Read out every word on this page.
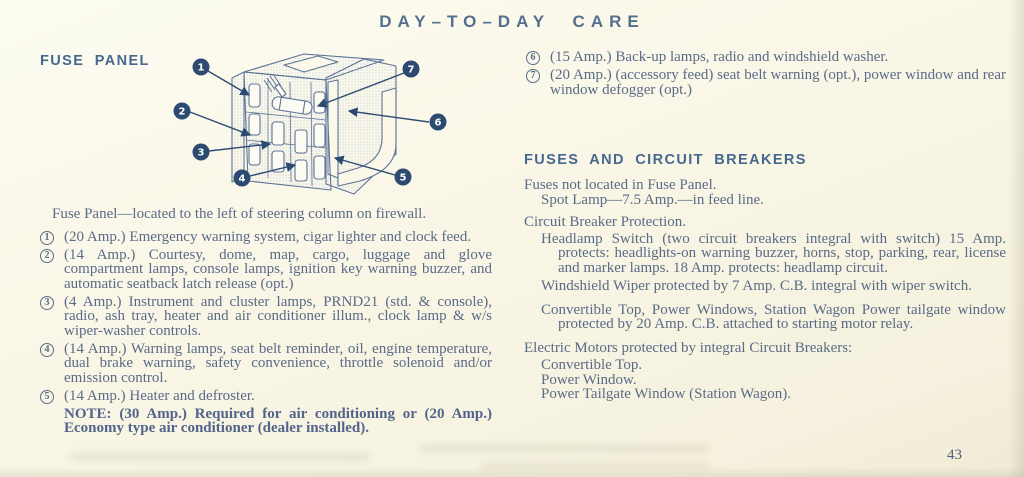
DAY–TO–DAY CARE
FUSE PANEL	1
2
3
4	5
6
7

Fuse Panel—located to the left of steering column on firewall.

1 (20 Amp.) Emergency warning system, cigar lighter and clock feed.

2 (14 Amp.) Courtesy, dome, map, cargo, luggage and glove compartment lamps, console lamps, ignition key warning buzzer, and automatic seatback latch release (opt.)

3 (4 Amp.) Instrument and cluster lamps, PRND21 (std. & console), radio, ash tray, heater and air conditioner illum., clock lamp & w/s wiper-washer controls.

4 (14 Amp.) Warning lamps, seat belt reminder, oil, engine temperature, dual brake warning, safety convenience, throttle solenoid and/or emission control.

5 (14 Amp.) Heater and defroster.

NOTE: (30 Amp.) Required for air conditioning or (20 Amp.) Economy type air conditioner (dealer installed).

6 (15 Amp.) Back-up lamps, radio and windshield washer.

7 (20 Amp.) (accessory feed) seat belt warning (opt.), power window and rear window defogger (opt.)

FUSES AND CIRCUIT BREAKERS

Fuses not located in Fuse Panel.

Spot Lamp—7.5 Amp.—in feed line.

Circuit Breaker Protection.

Headlamp Switch (two circuit breakers integral with switch) 15 Amp. protects: headlights-on warning buzzer, horns, stop, parking, rear, license and marker lamps. 18 Amp. protects: headlamp circuit.

Windshield Wiper protected by 7 Amp. C.B. integral with wiper switch.

Convertible Top, Power Windows, Station Wagon Power tailgate window protected by 20 Amp. C.B. attached to starting motor relay.

Electric Motors protected by integral Circuit Breakers:

Convertible Top.

Power Window.

Power Tailgate Window (Station Wagon).

43
